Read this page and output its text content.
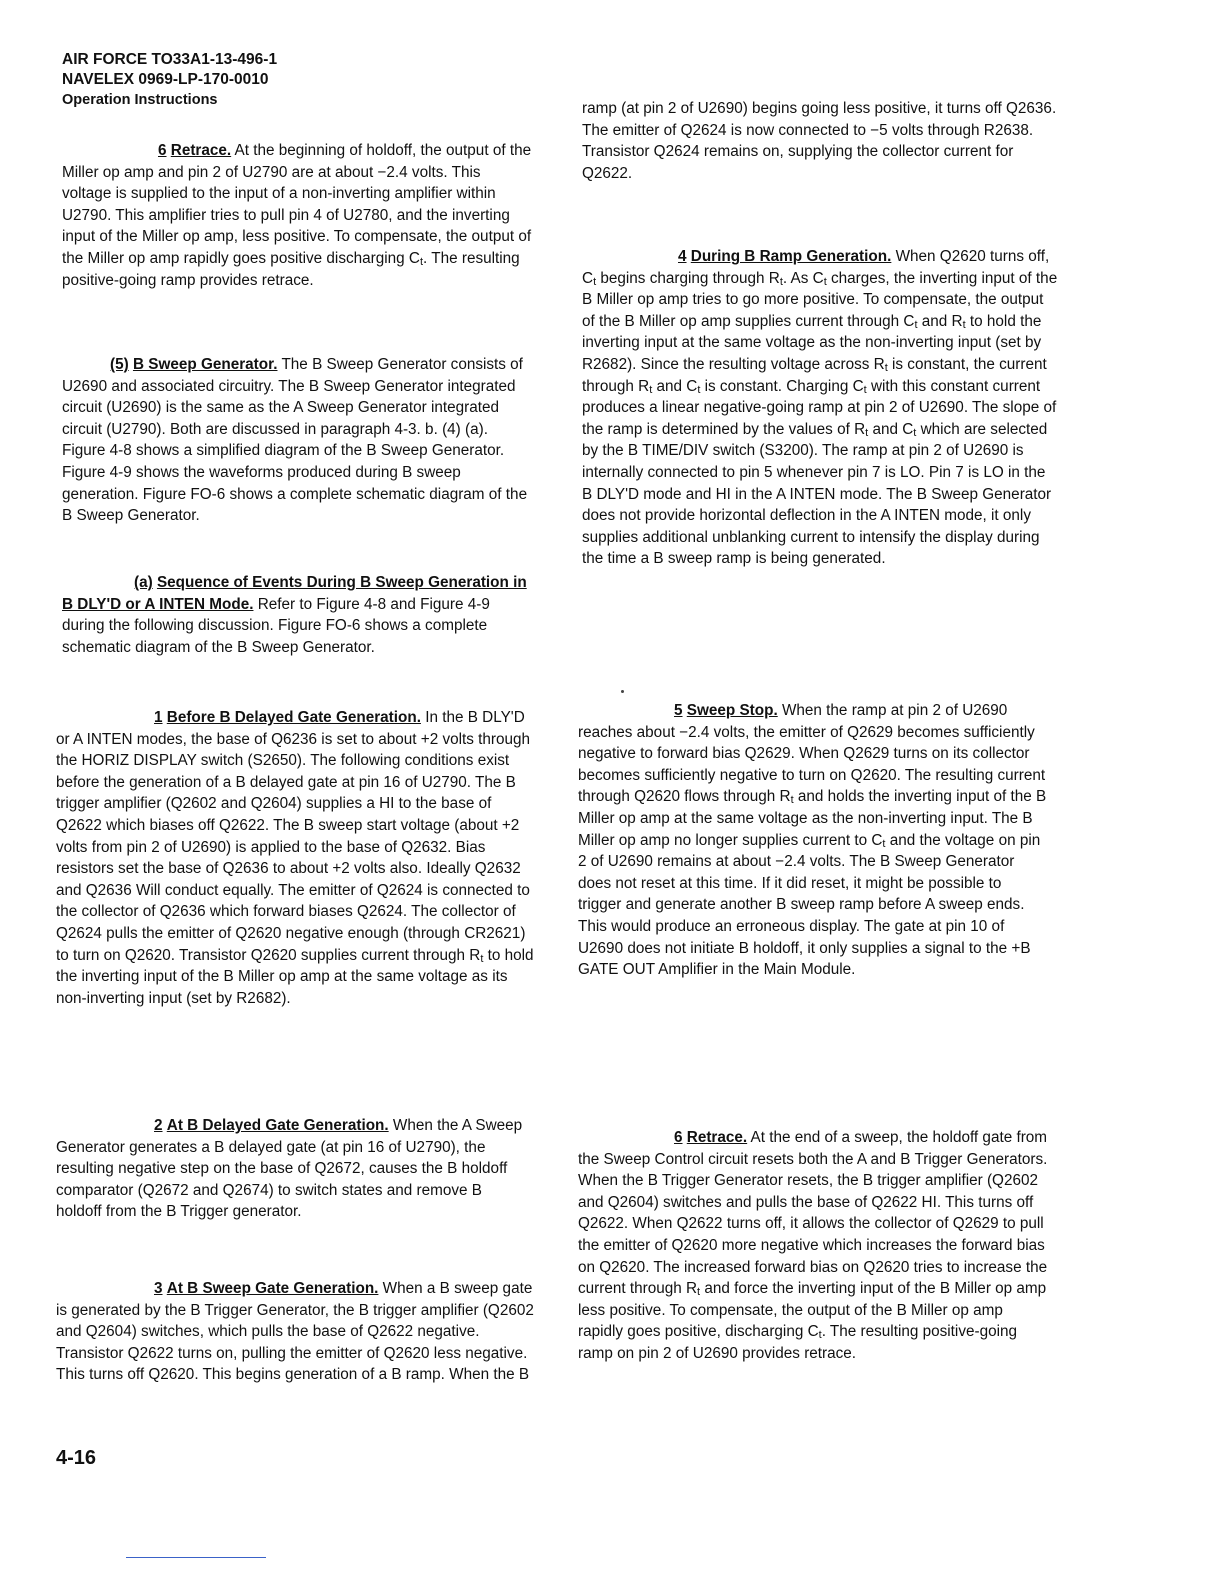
AIR FORCE TO33A1-13-496-1
NAVELEX 0969-LP-170-0010
Operation Instructions

6 Retrace. At the beginning of holdoff, the output of the Miller op amp and pin 2 of U2790 are at about −2.4 volts. This voltage is supplied to the input of a non-inverting amplifier within U2790. This amplifier tries to pull pin 4 of U2780, and the inverting input of the Miller op amp, less positive. To compensate, the output of the Miller op amp rapidly goes positive discharging $C_t$. The resulting positive-going ramp provides retrace.

(5) B Sweep Generator. The B Sweep Generator consists of U2690 and associated circuitry. The B Sweep Generator integrated circuit (U2690) is the same as the A Sweep Generator integrated circuit (U2790). Both are discussed in paragraph 4-3. b. (4) (a). Figure 4-8 shows a simplified diagram of the B Sweep Generator. Figure 4-9 shows the waveforms produced during B sweep generation. Figure FO-6 shows a complete schematic diagram of the B Sweep Generator.

(a) Sequence of Events During B Sweep Generation in B DLY'D or A INTEN Mode. Refer to Figure 4-8 and Figure 4-9 during the following discussion. Figure FO-6 shows a complete schematic diagram of the B Sweep Generator.

1 Before B Delayed Gate Generation. In the B DLY'D or A INTEN modes, the base of Q6236 is set to about +2 volts through the HORIZ DISPLAY switch (S2650). The following conditions exist before the generation of a B delayed gate at pin 16 of U2790. The B trigger amplifier (Q2602 and Q2604) supplies a HI to the base of Q2622 which biases off Q2622. The B sweep start voltage (about +2 volts from pin 2 of U2690) is applied to the base of Q2632. Bias resistors set the base of Q2636 to about +2 volts also. Ideally Q2632 and Q2636 Will conduct equally. The emitter of Q2624 is connected to the collector of Q2636 which forward biases Q2624. The collector of Q2624 pulls the emitter of Q2620 negative enough (through CR2621) to turn on Q2620. Transistor Q2620 supplies current through $R_t$ to hold the inverting input of the B Miller op amp at the same voltage as its non-inverting input (set by R2682).

2 At B Delayed Gate Generation. When the A Sweep Generator generates a B delayed gate (at pin 16 of U2790), the resulting negative step on the base of Q2672, causes the B holdoff comparator (Q2672 and Q2674) to switch states and remove B holdoff from the B Trigger generator.

3 At B Sweep Gate Generation. When a B sweep gate is generated by the B Trigger Generator, the B trigger amplifier (Q2602 and Q2604) switches, which pulls the base of Q2622 negative. Transistor Q2622 turns on, pulling the emitter of Q2620 less negative. This turns off Q2620. This begins generation of a B ramp. When the B

ramp (at pin 2 of U2690) begins going less positive, it turns off Q2636. The emitter of Q2624 is now connected to −5 volts through R2638. Transistor Q2624 remains on, supplying the collector current for Q2622.

4 During B Ramp Generation. When Q2620 turns off, $C_t$ begins charging through $R_t$. As $C_t$ charges, the inverting input of the B Miller op amp tries to go more positive. To compensate, the output of the B Miller op amp supplies current through $C_t$ and $R_t$ to hold the inverting input at the same voltage as the non-inverting input (set by R2682). Since the resulting voltage across $R_t$ is constant, the current through $R_t$ and $C_t$ is constant. Charging $C_t$ with this constant current produces a linear negative-going ramp at pin 2 of U2690. The slope of the ramp is determined by the values of $R_t$ and $C_t$ which are selected by the B TIME/DIV switch (S3200). The ramp at pin 2 of U2690 is internally connected to pin 5 whenever pin 7 is LO. Pin 7 is LO in the B DLY'D mode and HI in the A INTEN mode. The B Sweep Generator does not provide horizontal deflection in the A INTEN mode, it only supplies additional unblanking current to intensify the display during the time a B sweep ramp is being generated.

5 Sweep Stop. When the ramp at pin 2 of U2690 reaches about −2.4 volts, the emitter of Q2629 becomes sufficiently negative to forward bias Q2629. When Q2629 turns on its collector becomes sufficiently negative to turn on Q2620. The resulting current through Q2620 flows through $R_t$ and holds the inverting input of the B Miller op amp at the same voltage as the non-inverting input. The B Miller op amp no longer supplies current to $C_t$ and the voltage on pin 2 of U2690 remains at about −2.4 volts. The B Sweep Generator does not reset at this time. If it did reset, it might be possible to trigger and generate another B sweep ramp before A sweep ends. This would produce an erroneous display. The gate at pin 10 of U2690 does not initiate B holdoff, it only supplies a signal to the +B GATE OUT Amplifier in the Main Module.

6 Retrace. At the end of a sweep, the holdoff gate from the Sweep Control circuit resets both the A and B Trigger Generators. When the B Trigger Generator resets, the B trigger amplifier (Q2602 and Q2604) switches and pulls the base of Q2622 HI. This turns off Q2622. When Q2622 turns off, it allows the collector of Q2629 to pull the emitter of Q2620 more negative which increases the forward bias on Q2620. The increased forward bias on Q2620 tries to increase the current through $R_t$ and force the inverting input of the B Miller op amp less positive. To compensate, the output of the B Miller op amp rapidly goes positive, discharging $C_t$. The resulting positive-going ramp on pin 2 of U2690 provides retrace.

4-16
